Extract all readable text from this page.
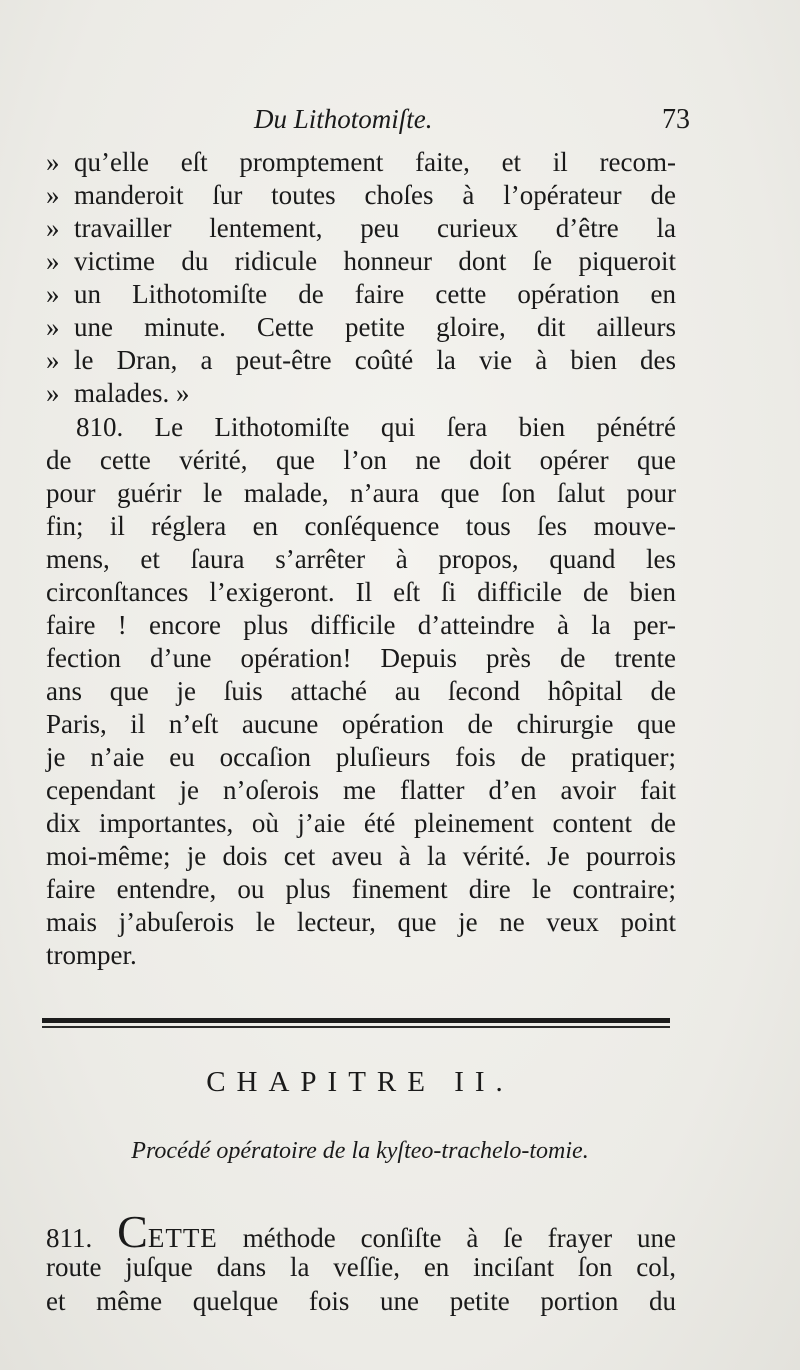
Du Lithotomiſte.	73
» qu’elle eſt promptement faite, et il recom-
» manderoit ſur toutes choſes à l’opérateur de
» travailler lentement, peu curieux d’être la
» victime du ridicule honneur dont ſe piqueroit
» un Lithotomiſte de faire cette opération en
» une minute. Cette petite gloire, dit ailleurs
» le Dran, a peut-être coûté la vie à bien des
» malades. »
810. Le Lithotomiſte qui ſera bien pénétré
de cette vérité, que l’on ne doit opérer que
pour guérir le malade, n’aura que ſon ſalut pour
fin; il réglera en conſéquence tous ſes mouve-
mens, et ſaura s’arrêter à propos, quand les
circonſtances l’exigeront. Il eſt ſi difficile de bien
faire ! encore plus difficile d’atteindre à la per-
fection d’une opération! Depuis près de trente
ans que je ſuis attaché au ſecond hôpital de
Paris, il n’eſt aucune opération de chirurgie que
je n’aie eu occaſion pluſieurs fois de pratiquer;
cependant je n’oſerois me flatter d’en avoir fait
dix importantes, où j’aie été pleinement content de
moi-même; je dois cet aveu à la vérité. Je pourrois
faire entendre, ou plus finement dire le contraire;
mais j’abuſerois le lecteur, que je ne veux point
tromper.
CHAPITRE II.
Procédé opératoire de la kyſteo-trachelo-tomie.
811. CETTE méthode conſiſte à ſe frayer une
route juſque dans la veſſie, en inciſant ſon col,
et même quelque fois une petite portion du
